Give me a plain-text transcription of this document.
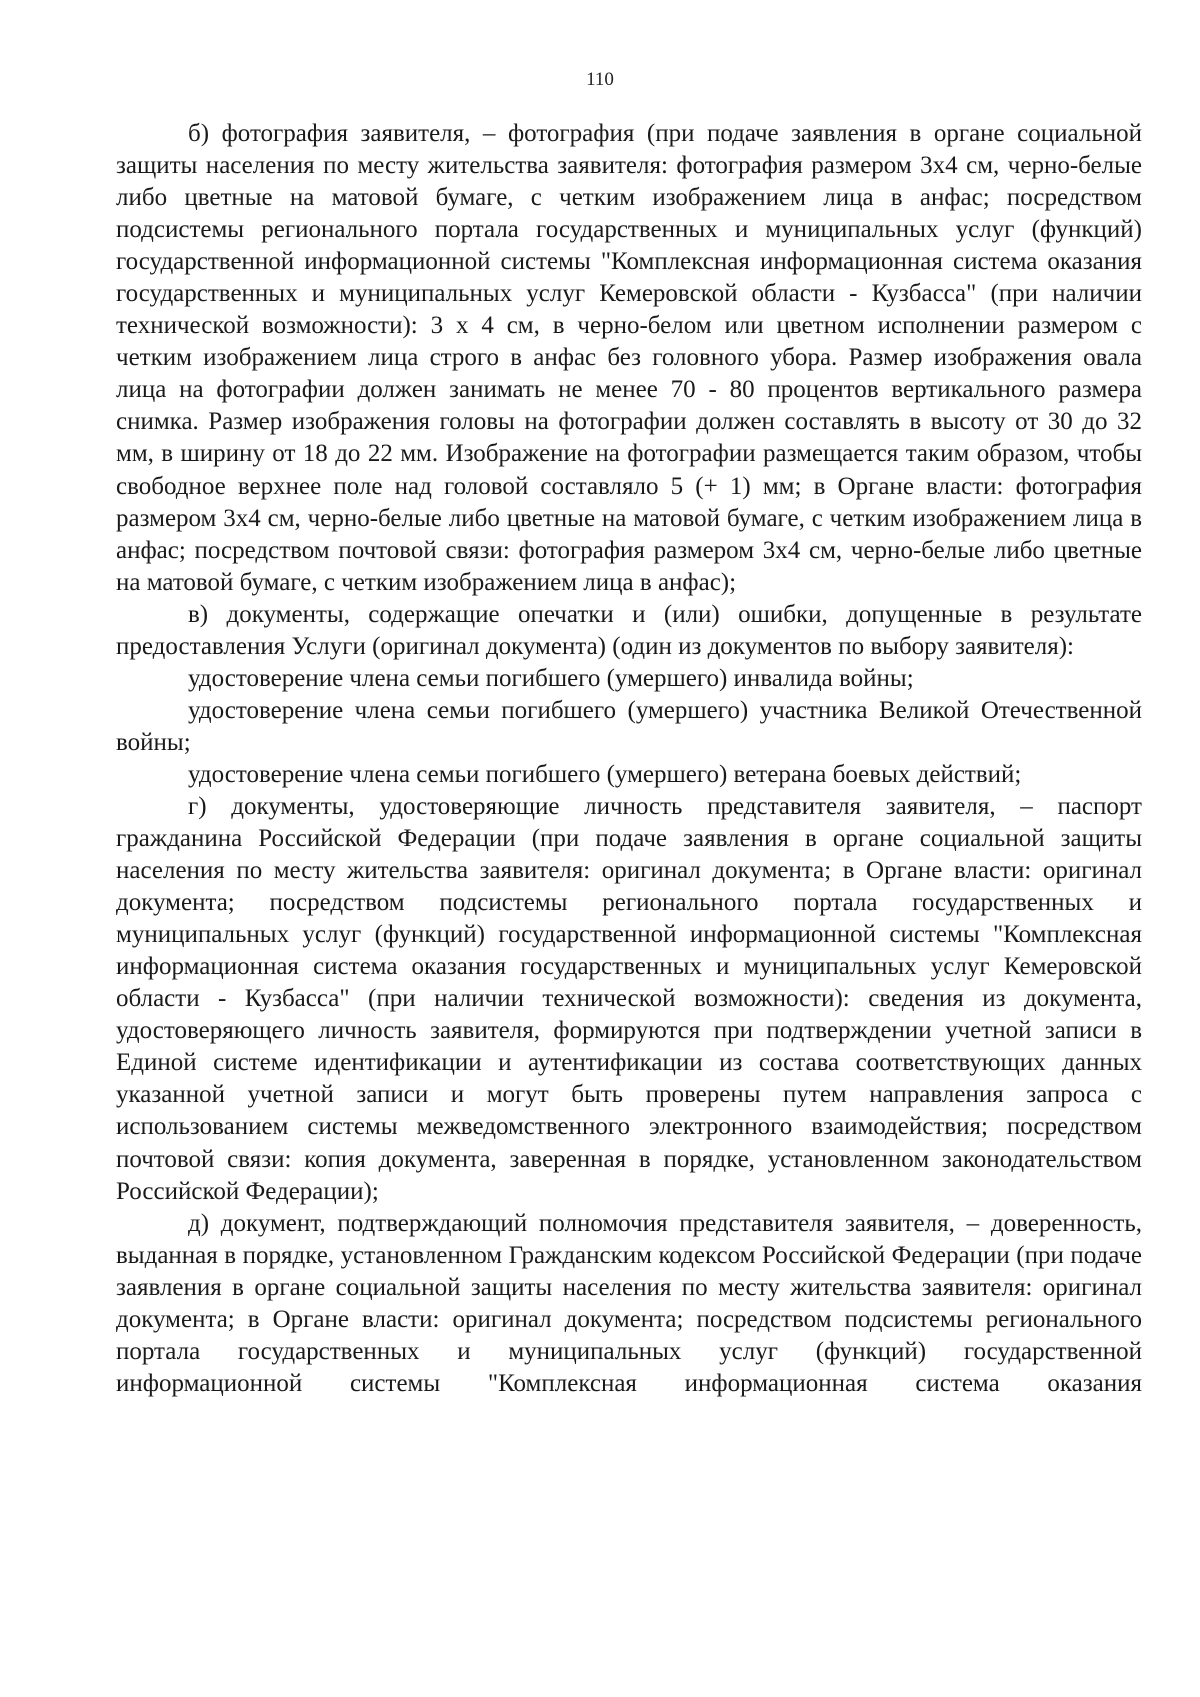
110

б) фотография заявителя, – фотография (при подаче заявления в органе социальной защиты населения по месту жительства заявителя: фотография размером 3х4 см, черно-белые либо цветные на матовой бумаге, с четким изображением лица в анфас; посредством подсистемы регионального портала государственных и муниципальных услуг (функций) государственной информационной системы "Комплексная информационная система оказания государственных и муниципальных услуг Кемеровской области - Кузбасса" (при наличии технической возможности): 3 х 4 см, в черно-белом или цветном исполнении размером с четким изображением лица строго в анфас без головного убора. Размер изображения овала лица на фотографии должен занимать не менее 70 - 80 процентов вертикального размера снимка. Размер изображения головы на фотографии должен составлять в высоту от 30 до 32 мм, в ширину от 18 до 22 мм. Изображение на фотографии размещается таким образом, чтобы свободное верхнее поле над головой составляло 5 (+ 1) мм; в Органе власти: фотография размером 3х4 см, черно-белые либо цветные на матовой бумаге, с четким изображением лица в анфас; посредством почтовой связи: фотография размером 3х4 см, черно-белые либо цветные на матовой бумаге, с четким изображением лица в анфас);

в) документы, содержащие опечатки и (или) ошибки, допущенные в результате предоставления Услуги (оригинал документа) (один из документов по выбору заявителя):

удостоверение члена семьи погибшего (умершего) инвалида войны;

удостоверение члена семьи погибшего (умершего) участника Великой Отечественной войны;

удостоверение члена семьи погибшего (умершего) ветерана боевых действий;

г) документы, удостоверяющие личность представителя заявителя, – паспорт гражданина Российской Федерации (при подаче заявления в органе социальной защиты населения по месту жительства заявителя: оригинал документа; в Органе власти: оригинал документа; посредством подсистемы регионального портала государственных и муниципальных услуг (функций) государственной информационной системы "Комплексная информационная система оказания государственных и муниципальных услуг Кемеровской области - Кузбасса" (при наличии технической возможности): сведения из документа, удостоверяющего личность заявителя, формируются при подтверждении учетной записи в Единой системе идентификации и аутентификации из состава соответствующих данных указанной учетной записи и могут быть проверены путем направления запроса с использованием системы межведомственного электронного взаимодействия; посредством почтовой связи: копия документа, заверенная в порядке, установленном законодательством Российской Федерации);

д) документ, подтверждающий полномочия представителя заявителя, – доверенность, выданная в порядке, установленном Гражданским кодексом Российской Федерации (при подаче заявления в органе социальной защиты населения по месту жительства заявителя: оригинал документа; в Органе власти: оригинал документа; посредством подсистемы регионального портала государственных и муниципальных услуг (функций) государственной информационной системы "Комплексная информационная система оказания
